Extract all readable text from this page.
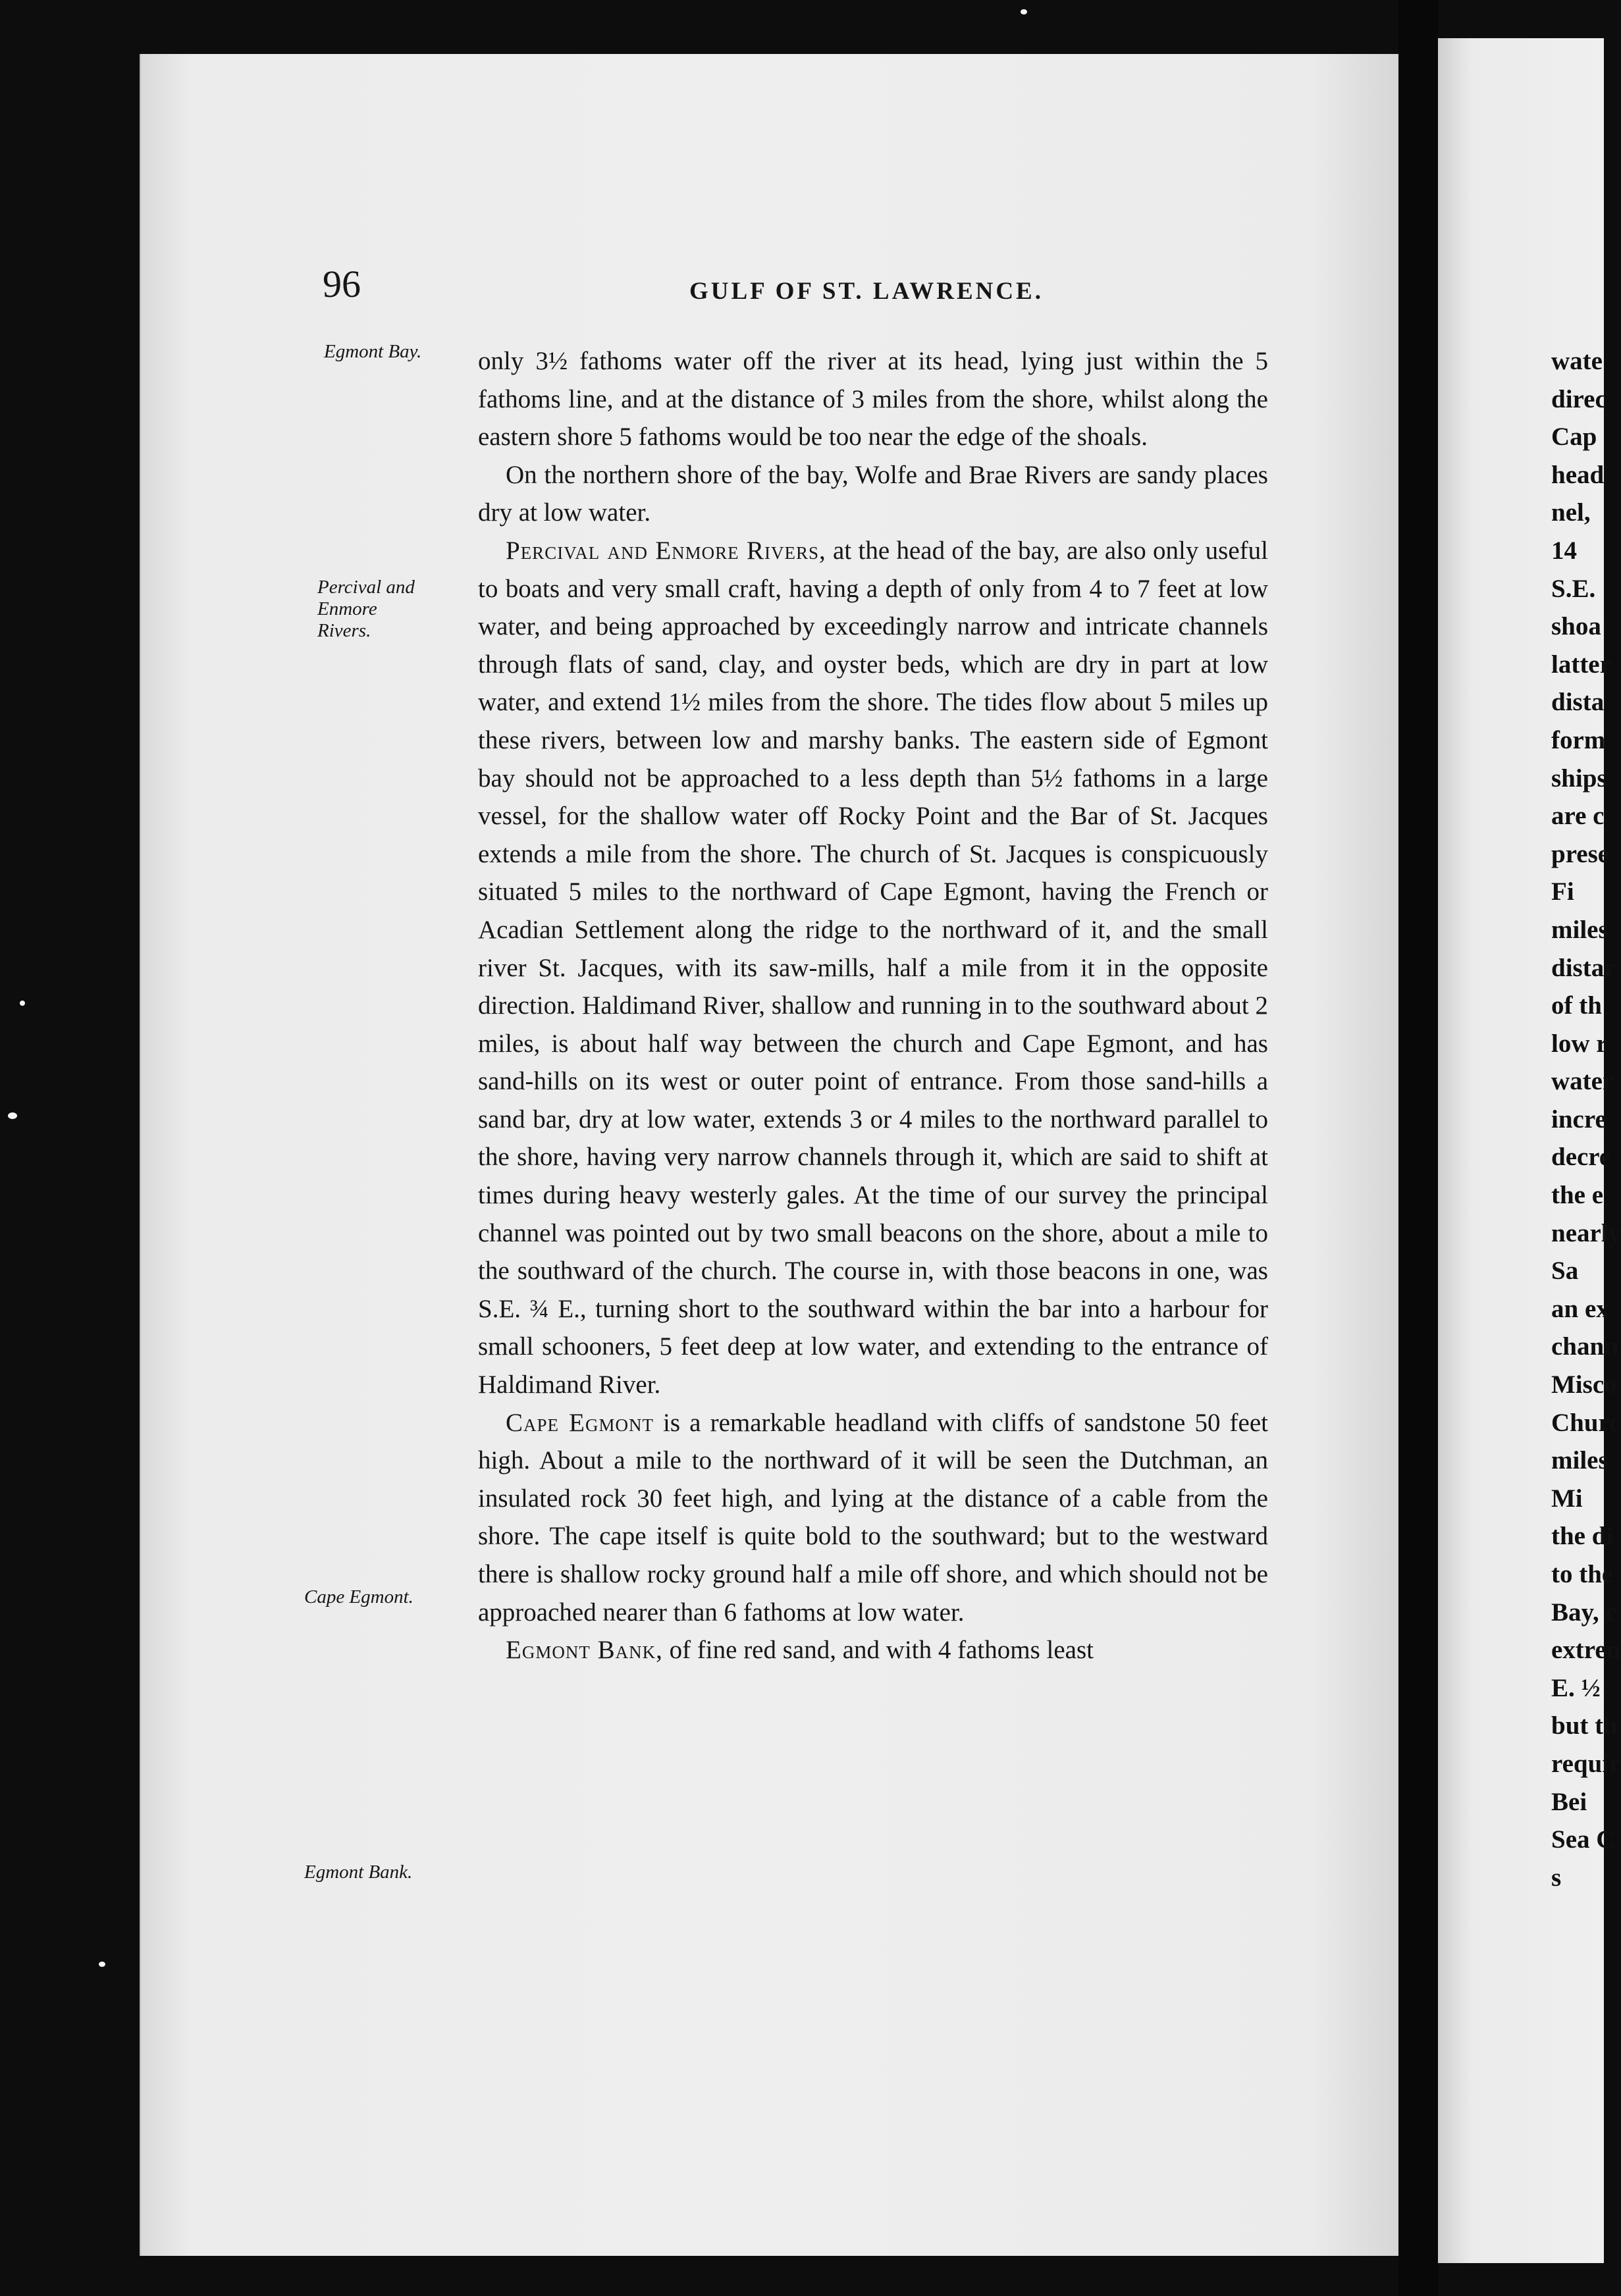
96	GULF OF ST. LAWRENCE.
Egmont Bay.
Percival and
Enmore
Rivers.
Cape Egmont.
Egmont Bank.

only 3½ fathoms water off the river at its head, lying just within the 5 fathoms line, and at the distance of 3 miles from the shore, whilst along the eastern shore 5 fathoms would be too near the edge of the shoals.

On the northern shore of the bay, Wolfe and Brae Rivers are sandy places dry at low water.

Percival and Enmore Rivers, at the head of the bay, are also only useful to boats and very small craft, having a depth of only from 4 to 7 feet at low water, and being approached by exceedingly narrow and intricate channels through flats of sand, clay, and oyster beds, which are dry in part at low water, and extend 1½ miles from the shore. The tides flow about 5 miles up these rivers, between low and marshy banks. The eastern side of Egmont bay should not be approached to a less depth than 5½ fathoms in a large vessel, for the shallow water off Rocky Point and the Bar of St. Jacques extends a mile from the shore. The church of St. Jacques is conspicuously situated 5 miles to the northward of Cape Egmont, having the French or Acadian Settlement along the ridge to the northward of it, and the small river St. Jacques, with its saw-mills, half a mile from it in the opposite direction. Haldimand River, shallow and running in to the southward about 2 miles, is about half way between the church and Cape Egmont, and has sand-hills on its west or outer point of entrance. From those sand-hills a sand bar, dry at low water, extends 3 or 4 miles to the northward parallel to the shore, having very narrow channels through it, which are said to shift at times during heavy westerly gales. At the time of our survey the principal channel was pointed out by two small beacons on the shore, about a mile to the southward of the church. The course in, with those beacons in one, was S.E. ¾ E., turning short to the southward within the bar into a harbour for small schooners, 5 feet deep at low water, and extending to the entrance of Haldimand River.

Cape Egmont is a remarkable headland with cliffs of sandstone 50 feet high. About a mile to the northward of it will be seen the Dutchman, an insulated rock 30 feet high, and lying at the distance of a cable from the shore. The cape itself is quite bold to the southward; but to the westward there is shallow rocky ground half a mile off shore, and which should not be approached nearer than 6 fathoms at low water.

Egmont Bank, of fine red sand, and with 4 fathoms least

wate
direc
Cap
head
nel,
14
S.E.
shoa
latter
dista
form
ships
are c
prese
Fi
miles
distar
of th
low r
water
incre
decre
the e
nearly
Sa
an ex
chann
Misco
Churc
miles
Mi
the di
to the
Bay, c
extren
E. ½
but th
requir
Bei
Sea C
s
